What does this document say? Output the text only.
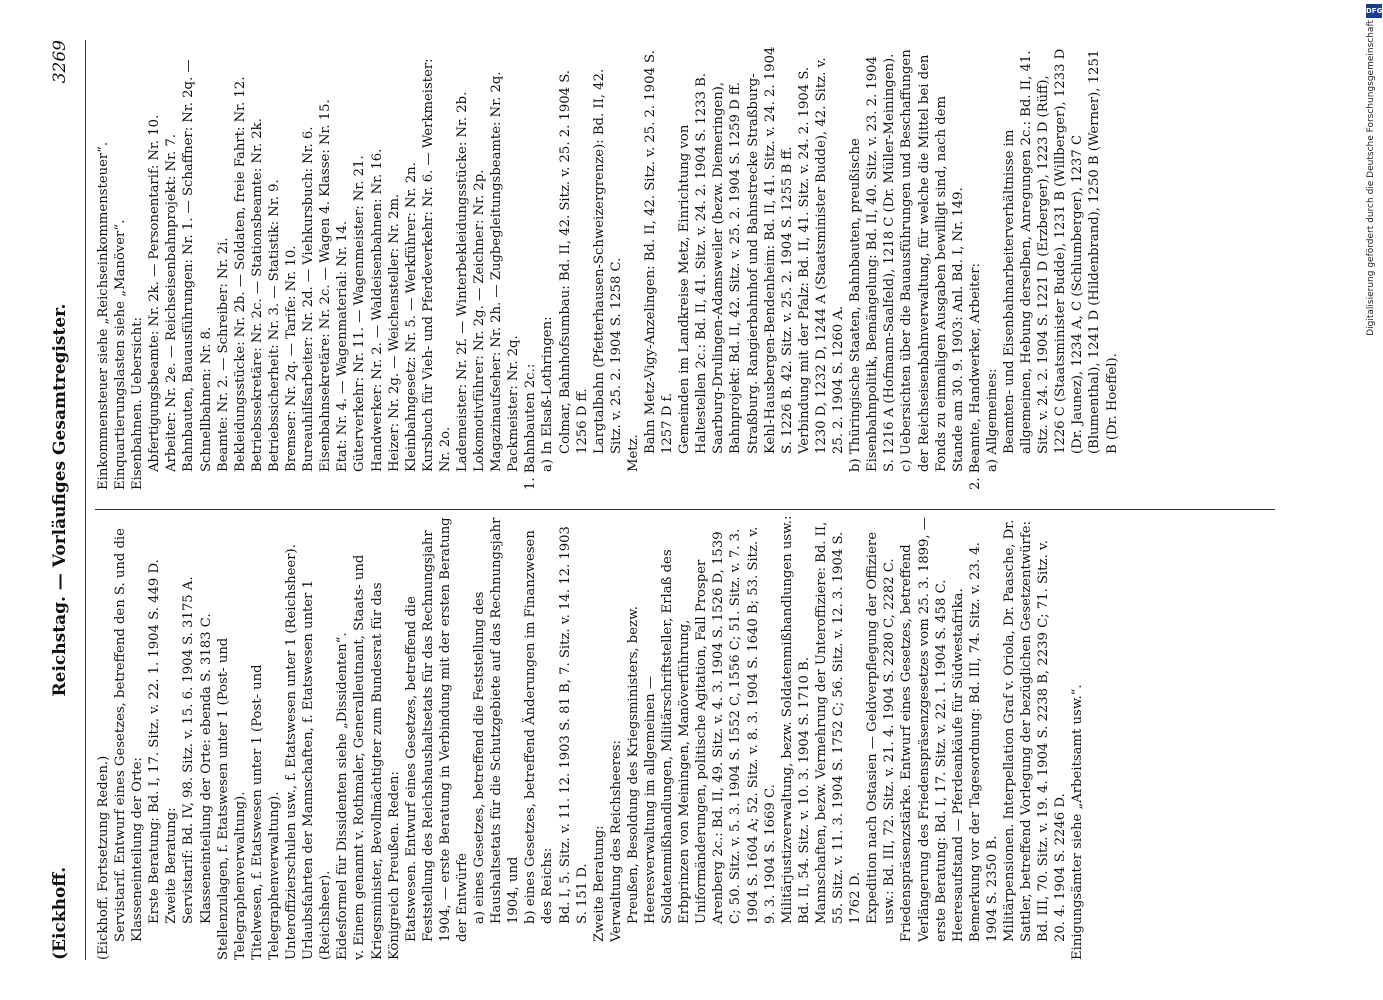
DFG
Digitalisierung gefördert durch die Deutsche Forschungsgemeinschaft
(Eickhoff.
Reichstag. — Vorläufiges Gesamtregister.
3269

(Eickhoff. Fortsetzung Reden.) Servistarif. Entwurf eines Gesetzes, betreffend den S. und die Klasseneinteilung der Orte: Erste Beratung: Bd. I, 17. Sitz. v. 22. 1. 1904 S. 449 D. Zweite Beratung: Servistarif: Bd. IV, 98. Sitz. v. 15. 6. 1904 S. 3175 A. Klasseneinteilung der Orte: ebenda S. 3183 C. Stellenzulagen, f. Etatswesen unter 1 (Post- und Telegraphenverwaltung). Titelwesen, f. Etatswesen unter 1 (Post- und Telegraphenverwaltung). Unteroffizierschulen usw., f. Etatswesen unter 1 (Reichsheer). Urlaubsfahrten der Mannschaften, f. Etatswesen unter 1 (Reichsheer). Eidesformel für Dissidenten siehe „Dissidenten“. v. Einem genannt v. Rothmaler, Generalleutnant, Staats- und Kriegsminister, Bevollmächtigter zum Bundesrat für das Königreich Preußen. Reden: Etatswesen. Entwurf eines Gesetzes, betreffend die Feststellung des Reichshaushaltsetats für das Rechnungsjahr 1904, — erste Beratung in Verbindung mit der ersten Beratung der Entwürfe a) eines Gesetzes, betreffend die Feststellung des Haushaltsetats für die Schutzgebiete auf das Rechnungsjahr 1904, und b) eines Gesetzes, betreffend Änderungen im Finanzwesen des Reichs: Bd. I, 5. Sitz. v. 11. 12. 1903 S. 81 B, 7. Sitz. v. 14. 12. 1903 S. 151 D. Zweite Beratung: Verwaltung des Reichsheeres: Preußen, Besoldung des Kriegsministers, bezw. Heeresverwaltung im allgemeinen — Soldatenmißhandlungen, Militärschriftsteller, Erlaß des Erbprinzen von Meiningen, Manöverführung, Uniformänderungen, politische Agitation, Fall Prosper Arenberg 2c.: Bd. II, 49. Sitz. v. 4. 3. 1904 S. 1526 D, 1539 C; 50. Sitz. v. 5. 3. 1904 S. 1552 C, 1556 C; 51. Sitz. v. 7. 3. 1904 S. 1604 A; 52. Sitz. v. 8. 3. 1904 S. 1640 B; 53. Sitz. v. 9. 3. 1904 S. 1669 C. Militärjustizverwaltung, bezw. Soldatenmißhandlungen usw.: Bd. II, 54. Sitz. v. 10. 3. 1904 S. 1710 B. Mannschaften, bezw. Vermehrung der Unteroffiziere: Bd. II, 55. Sitz. v. 11. 3. 1904 S. 1752 C; 56. Sitz. v. 12. 3. 1904 S. 1762 D. Expedition nach Ostasien — Geldverpflegung der Offiziere usw.: Bd. III, 72. Sitz. v. 21. 4. 1904 S. 2280 C, 2282 C. Friedenspräsenzstärke. Entwurf eines Gesetzes, betreffend Verlängerung des Friedenspräsenzgesetzes vom 25. 3. 1899, — erste Beratung: Bd. I, 17. Sitz. v. 22. 1. 1904 S. 458 C. Heeresaufstand — Pferdeankäufe für Südwestafrika. Bemerkung vor der Tagesordnung: Bd. III, 74. Sitz. v. 23. 4. 1904 S. 2350 B. Militärpensionen. Interpellation Graf v. Oriola, Dr. Paasche, Dr. Sattler, betreffend Vorlegung der bezüglichen Gesetzentwürfe: Bd. III, 70. Sitz. v. 19. 4. 1904 S. 2238 B, 2239 C; 71. Sitz. v. 20. 4. 1904 S. 2246 D. Einigungsämter siehe „Arbeitsamt usw.“.

Einkommensteuer siehe „Reichseinkommensteuer“. Einquartierungslasten siehe „Manöver“. Eisenbahnen. Uebersicht: Abfertigungsbeamte: Nr. 2k. — Personentarif: Nr. 10. Arbeiter: Nr. 2e. — Reichseisenbahnprojekt: Nr. 7. Bahnbauten, Bauausführungen: Nr. 1. — Schaffner: Nr. 2q. — Schnellbahnen: Nr. 8. Beamte: Nr. 2. — Schreiber: Nr. 2i. Bekleidungsstücke: Nr. 2b. — Soldaten, freie Fahrt: Nr. 12. Betriebssekretäre: Nr. 2c. — Stationsbeamte: Nr. 2k. Betriebssicherheit: Nr. 3. — Statistik: Nr. 9. Bremser: Nr. 2q. — Tarife: Nr. 10. Bureauhilfsarbeiter: Nr. 2d. — Viehkursbuch: Nr. 6. Eisenbahnsekretäre: Nr. 2c. — Wagen 4. Klasse: Nr. 15. Etat: Nr. 4. — Wagenmaterial: Nr. 14. Güterverkehr: Nr. 11. — Wagenmeister: Nr. 21. Handwerker: Nr. 2. — Waldeisenbahnen: Nr. 16. Heizer: Nr. 2g. — Weichensteller: Nr. 2m. Kleinbahngesetz: Nr. 5. — Werkführer: Nr. 2n. Kursbuch für Vieh- und Pferdeverkehr: Nr. 6. — Werkmeister: Nr. 2o. Lademeister: Nr. 2f. — Winterbekleidungsstücke: Nr. 2b. Lokomotivführer: Nr. 2g. — Zeichner: Nr. 2p. Magazinaufseher: Nr. 2h. — Zugbegleitungsbeamte: Nr. 2q. Packmeister: Nr. 2q. 1. Bahnbauten 2c.: a) In Elsaß-Lothringen: Colmar, Bahnhofsumbau: Bd. II, 42. Sitz. v. 25. 2. 1904 S. 1256 D ff. Largtalbahn (Pfetterhausen-Schweizergrenze): Bd. II, 42. Sitz. v. 25. 2. 1904 S. 1258 C. Metz. Bahn Metz-Vigy-Anzelingen: Bd. II, 42. Sitz. v. 25. 2. 1904 S. 1257 D f. Gemeinden im Landkreise Metz, Einrichtung von Haltestellen 2c.: Bd. II, 41. Sitz. v. 24. 2. 1904 S. 1233 B. Saarburg-Drulingen-Adamsweiler (bezw. Diemeringen), Bahnprojekt: Bd. II, 42. Sitz. v. 25. 2. 1904 S. 1259 D ff. Straßburg. Rangierbahnhof und Bahnstrecke Straßburg-Kehl-Hausbergen-Bendenheim: Bd. II, 41. Sitz. v. 24. 2. 1904 S. 1226 B. 42. Sitz. v. 25. 2. 1904 S. 1255 B ff. Verbindung mit der Pfalz: Bd. II, 41. Sitz. v. 24. 2. 1904 S. 1230 D, 1232 D, 1244 A (Staatsminister Budde), 42. Sitz. v. 25. 2. 1904 S. 1260 A. b) Thüringische Staaten, Bahnbauten, preußische Eisenbahnpolitik, Bemängelung: Bd. II, 40. Sitz. v. 23. 2. 1904 S. 1216 A (Hofmann-Saalfeld), 1218 C (Dr. Müller-Meiningen). c) Uebersichten über die Bauausführungen und Beschaffungen der Reichseisenbahnverwaltung, für welche die Mittel bei den Fonds zu einmaligen Ausgaben bewilligt sind, nach dem Stande am 30. 9. 1903: Anl. Bd. I, Nr. 149. 2. Beamte, Handwerker, Arbeiter: a) Allgemeines: Beamten- und Eisenbahnarbeiterverhältnisse im allgemeinen, Hebung derselben, Anregungen 2c.: Bd. II, 41. Sitz. v. 24. 2. 1904 S. 1221 D (Erzberger), 1223 D (Rüff), 1226 C (Staatsminister Budde), 1231 B (Willberger), 1233 D (Dr. Jaunez), 1234 A, C (Schlumberger), 1237 C (Blumenthal), 1241 D (Hildenbrand), 1250 B (Werner), 1251 B (Dr. Hoeffel).
